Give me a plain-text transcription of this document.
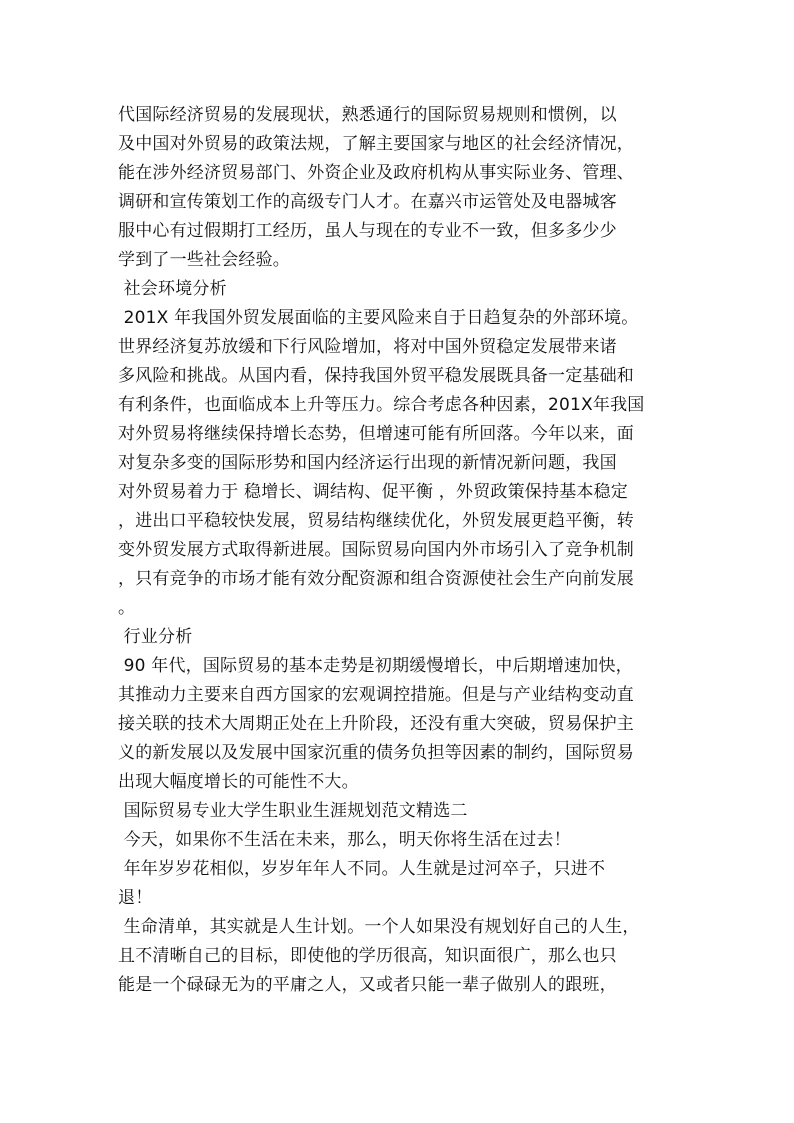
代国际经济贸易的发展现状，熟悉通行的国际贸易规则和惯例，以
及中国对外贸易的政策法规，了解主要国家与地区的社会经济情况，
能在涉外经济贸易部门、外资企业及政府机构从事实际业务、管理、
调研和宣传策划工作的高级专门人才。在嘉兴市运管处及电器城客
服中心有过假期打工经历，虽人与现在的专业不一致，但多多少少
学到了一些社会经验。
社会环境分析
201X 年我国外贸发展面临的主要风险来自于日趋复杂的外部环境。
世界经济复苏放缓和下行风险增加，将对中国外贸稳定发展带来诸
多风险和挑战。从国内看，保持我国外贸平稳发展既具备一定基础和
有利条件，也面临成本上升等压力。综合考虑各种因素，201X年我国
对外贸易将继续保持增长态势，但增速可能有所回落。今年以来，面
对复杂多变的国际形势和国内经济运行出现的新情况新问题，我国
对外贸易着力于 稳增长、调结构、促平衡 ，外贸政策保持基本稳定
，进出口平稳较快发展，贸易结构继续优化，外贸发展更趋平衡，转
变外贸发展方式取得新进展。国际贸易向国内外市场引入了竞争机制
，只有竞争的市场才能有效分配资源和组合资源使社会生产向前发展
。
行业分析
90 年代，国际贸易的基本走势是初期缓慢增长，中后期增速加快，
其推动力主要来自西方国家的宏观调控措施。但是与产业结构变动直
接关联的技术大周期正处在上升阶段，还没有重大突破，贸易保护主
义的新发展以及发展中国家沉重的债务负担等因素的制约，国际贸易
出现大幅度增长的可能性不大。
国际贸易专业大学生职业生涯规划范文精选二
今天，如果你不生活在未来，那么，明天你将生活在过去！
年年岁岁花相似，岁岁年年人不同。人生就是过河卒子，只进不
退！
生命清单，其实就是人生计划。一个人如果没有规划好自己的人生，
且不清晰自己的目标，即使他的学历很高，知识面很广，那么也只
能是一个碌碌无为的平庸之人，又或者只能一辈子做别人的跟班，
